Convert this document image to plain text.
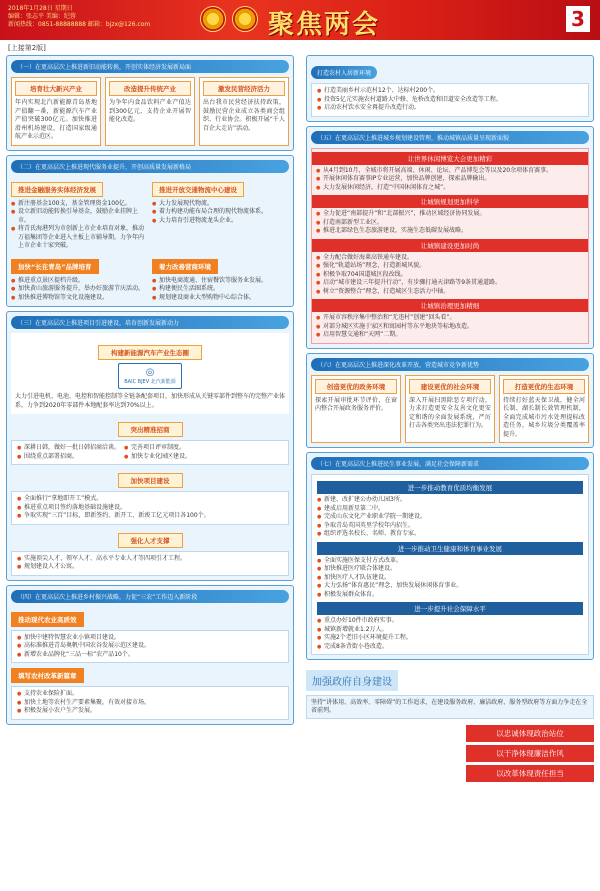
2018年1月28日 星期日
编辑：张志平 美编：纪蓉
新闻热线：0851-88888888 邮箱：bjzx@126.com	聚焦两会	3
[上接第2版]
（一）在更高层次上推进新旧动能转换，开创实体经济发展新局面
培育壮大新兴产业
年内实现北汽新能源青岛基地产值翻一番，新能源汽车产业产值突破300亿元。加快推进滑州机场建设，打造国家级通航产业示范区。
改造提升传统产业
为争年内食品饮料产业产值达到300亿元，支持企业开展智能化改造。
激发民营经济活力
出台我市民营经济扶持政策，鼓励民营企业成立各类商会组织、行业协会。积极开展“千人百企大走访”活动。
（二）在更高层次上推进现代服务业提升，开创高质量发展新格局
推进金融服务实体经济发展
● 新注册基金100支，基金管理资金100亿。
● 设立新旧动能转换引导基金，鼓励企业挂牌上市。
● 将青氏海港列为市创新上市企业培育对象，推动万福集团等企业进入主板上市辅导期，力争年内上市企业十家突破。
推进开放交通物流中心建设
● 大力发展现代物流。
● 着力构建功能布局合理的现代物流体系。
● 大力培育引进物流龙头企业。
加快“长在青岛”品牌培育
● 推进重点景区提档升级。
● 加快黄山旅游服务提升，举办好旅游节庆活动。
● 加快推进博物馆等文化设施建设。
着力改善营商环境
● 加快电商流通、住宿餐饮等服务业发展。
● 构建便民生活圈系统。
● 规划建设商业大型购物中心综合体。
（三）在更高层次上推进项目引进建设，培育创新发展新动力
构建新能源汽车产业生态圈
◎
BAIC BJEV 北汽新能源
大力引进电机、电池、电控和智能控制等全链条配套项目，加快形成从关键零部件到整车的完整产业体系，力争到2020年零部件本地配套率达到70%以上。
突出精准招商
● 深耕日韩，做好一批日韩招商洽谈。
● 围绕重点部署招商。
● 完善项目评审制度。
● 加快专业化园区建设。
加快项目建设
● 全面推行“拿地即开工”模式。
● 推进重点项目签约落地基础设施建设。
● 争取实现“三百”目标，即新签约、新开工、新竣工亿元项目各100个。
强化人才支撑
● 实施顶尖人才、领军人才、高水平专业人才等四项引才工程。
● 规划建设人才公寓。
（四）在更高层次上推进乡村振兴战略，力促“三农”工作迈入新阶段
推动现代农业高质效
● 加快中建特智慧农业小镇项目建设。
● 高标准推进青岛奥帆中国农谷发展示范区建设。
● 新增农业品牌化“三品一标”农产品10个。
填写农村改革新篇章
● 支持农业保险扩面。
● 加快土地等农村生产要素集聚，有效对接市场。
● 积极发展小农户生产发展。
打造农村人居新环境
● 打造美丽乡村示范村12个、达标村200个。
● 投资5亿元实施农村道路大中修、危桥改造和旧道安全改造等工程。
● 启动农村饮水安全再提升改造行动。
（五）在更高层次上推进城乡规划建设管理，推动城镇品质量呈现新面貌
让世界休闲博览大会更加精彩
● 从4月到10月，全城市将开展高端、休闲、论坛、产品博览会等以及20余项体育赛事。
● 开展休闲体育赛事IP专业运营，加快品牌创建，探索品牌输出。
● 大力发展休闲经济，打造“中国休闲体育之城”。
让城镇规划更加科学
● 全力促进“南部提升”和“北部振兴”，推动区域经济协同发展。
● 打造南部新型工业区。
● 推进北部绿色生态旅游建设，实施生态低碳发展战略。
让城镇建设更加时尚
● 全力配合做好海莱高铁通车建设。
● 强化“轨道站场”理念，打造新城风貌。
● 积极争取704国道城区段改线。
● 启动“城市建设三年提升行动”，有步骤打通天津路等9条贯通道路。
● 树立“资源整合”理念，打造城区生态活力中轴。
让城镇治理更加精细
● 开展市容秩序集中整治和“无违村”创建“回头看”。
● 对部分城区实施于家区和寓园村等东平地块等标地改造。
● 启用智慧交通和“天网”二期。
（六）在更高层次上推进深化改革开放，营造城市竞争新优势
创造更优的政务环境
探索开展审批环节评价，在窗内整合开展政务服务评价。
建设更优的社会环境
深入开展扫黑除恶专项行动，力求打造更安全友善文化更安定和谐的全面发展系统，严厉打击各类突出违法犯罪行为。
打造更优的生态环境
持续打好蓝天保卫战，健全河长制、湖长制长效管理机制，全面完成城市污水处理提标改造任务，城乡垃圾分类覆盖率提升。
（七）在更高层次上推进民生事业发展，满足社会保障新需求
进一步推动教育优质均衡发展
● 新建、改扩建公办幼儿园3所。
● 建成启用新星第二中。
● 完成山东文化产业职业学院一期建设。
● 争取青岛英国英里学校年内招生。
● 组织评选名校长、名师、教育专家。
进一步推动卫生健康和体育事业发展
● 全面实施医保支付方式改革。
● 加快推进医疗联合体建设。
● 加快医疗人才队伍建设。
● 大力弘扬“体育惠民”理念，加快发展休闲体育事业。
● 积极发展群众体育。
进一步提升社会保障水平
● 重点办好10件市政府实事。
● 城镇新增就业1.2万人。
● 实施2个老旧小区环境提升工程。
● 完成8条背街小巷改造。
加强政府自身建设
坚持“讲体用、高效率、零障碍”的工作追求，在建设服务政府、廉洁政府、服务型政府等方面力争走在全省前列。
以忠诚体现政治站位
以干净体现廉洁作风
以改革体现责任担当
